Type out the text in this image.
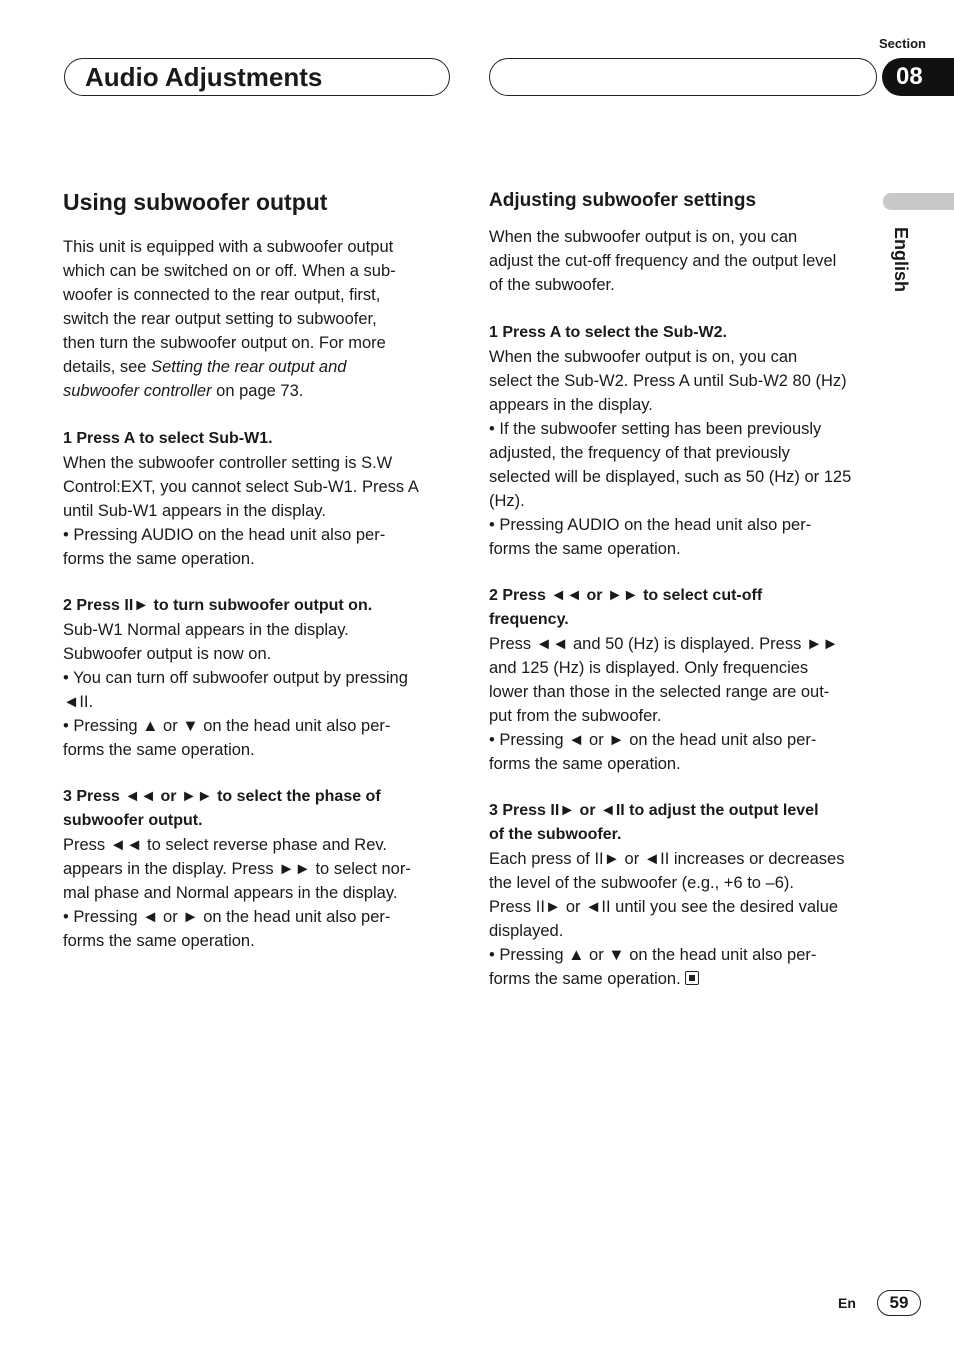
Section
Audio Adjustments	08
English
Using subwoofer output

This unit is equipped with a subwoofer output

which can be switched on or off. When a sub-

woofer is connected to the rear output, first,

switch the rear output setting to subwoofer,

then turn the subwoofer output on. For more

details, see Setting the rear output and

subwoofer controller on page 73.

1 Press A to select Sub-W1.

When the subwoofer controller setting is S.W

Control:EXT, you cannot select Sub-W1. Press A

until Sub-W1 appears in the display.

• Pressing AUDIO on the head unit also per-

forms the same operation.

2 Press II► to turn subwoofer output on.

Sub-W1 Normal appears in the display.

Subwoofer output is now on.

• You can turn off subwoofer output by pressing

◄II.

• Pressing ▲ or ▼ on the head unit also per-

forms the same operation.

3 Press ◄◄ or ►► to select the phase of

subwoofer output.

Press ◄◄ to select reverse phase and Rev.

appears in the display. Press ►► to select nor-

mal phase and Normal appears in the display.

• Pressing ◄ or ► on the head unit also per-

forms the same operation.

Adjusting subwoofer settings

When the subwoofer output is on, you can

adjust the cut-off frequency and the output level

of the subwoofer.

1 Press A to select the Sub-W2.

When the subwoofer output is on, you can

select the Sub-W2. Press A until Sub-W2 80 (Hz)

appears in the display.

• If the subwoofer setting has been previously

adjusted, the frequency of that previously

selected will be displayed, such as 50 (Hz) or 125

(Hz).

• Pressing AUDIO on the head unit also per-

forms the same operation.

2 Press ◄◄ or ►► to select cut-off

frequency.

Press ◄◄ and 50 (Hz) is displayed. Press ►►

and 125 (Hz) is displayed. Only frequencies

lower than those in the selected range are out-

put from the subwoofer.

• Pressing ◄ or ► on the head unit also per-

forms the same operation.

3 Press II► or ◄II to adjust the output level

of the subwoofer.

Each press of II► or ◄II increases or decreases

the level of the subwoofer (e.g., +6 to –6).

Press II► or ◄II until you see the desired value

displayed.

• Pressing ▲ or ▼ on the head unit also per-

forms the same operation.

En	59
